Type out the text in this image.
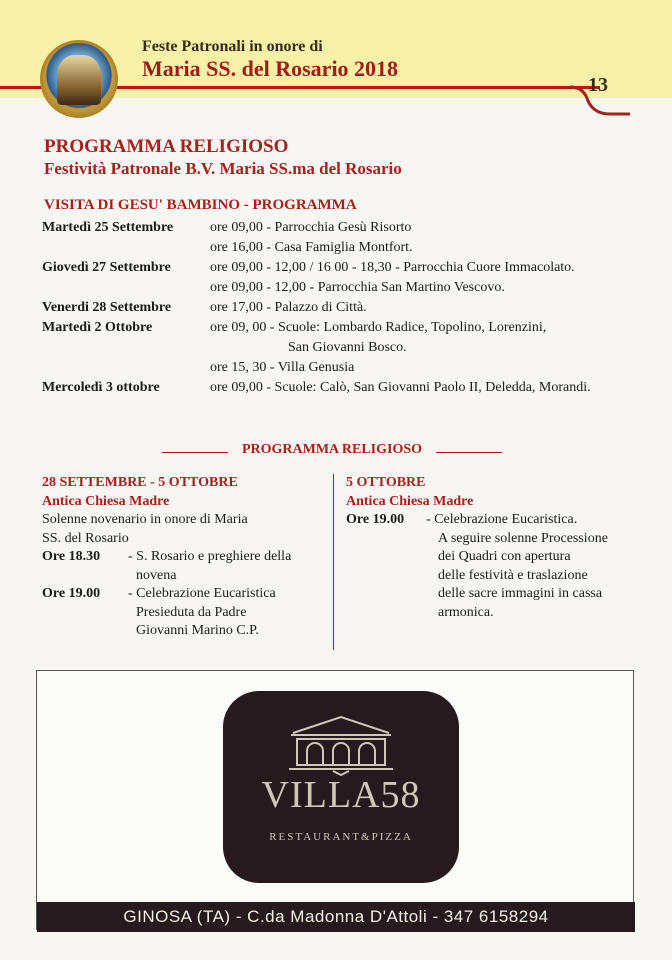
Feste Patronali in onore di
Maria SS. del Rosario 2018
13
PROGRAMMA RELIGIOSO
Festività Patronale B.V. Maria SS.ma del Rosario
VISITA DI GESU' BAMBINO - PROGRAMMA
Martedì 25 Settembre	ore 09,00 - Parrocchia Gesù Risorto
ore 16,00 - Casa Famiglia Montfort.
Giovedì 27 Settembre	ore 09,00 - 12,00 / 16 00 - 18,30 - Parrocchia Cuore Immacolato.
ore 09,00 - 12,00 - Parrocchia San Martino Vescovo.
Venerdi 28 Settembre	ore 17,00 - Palazzo di Città.
Martedì 2 Ottobre	ore 09, 00 - Scuole: Lombardo Radice, Topolino, Lorenzini,
San Giovanni Bosco.
ore 15, 30 - Villa Genusia
Mercoledì 3 ottobre	ore 09,00 - Scuole: Calò, San Giovanni Paolo II, Deledda, Morandi.
PROGRAMMA RELIGIOSO
28 SETTEMBRE - 5 OTTOBRE
Antica Chiesa Madre
Solenne novenario in onore di Maria
SS. del Rosario
Ore 18.30 - S. Rosario e preghiere della
novena
Ore 19.00 - Celebrazione Eucaristica
Presieduta da Padre
Giovanni Marino C.P.
5 OTTOBRE
Antica Chiesa Madre
Ore 19.00 - Celebrazione Eucaristica.
A seguire solenne Processione
dei Quadri con apertura
delle festività e traslazione
delle sacre immagini in cassa
armonica.
VILLA58
RESTAURANT&PIZZA
GINOSA (TA) - C.da Madonna D'Attoli - 347 6158294
